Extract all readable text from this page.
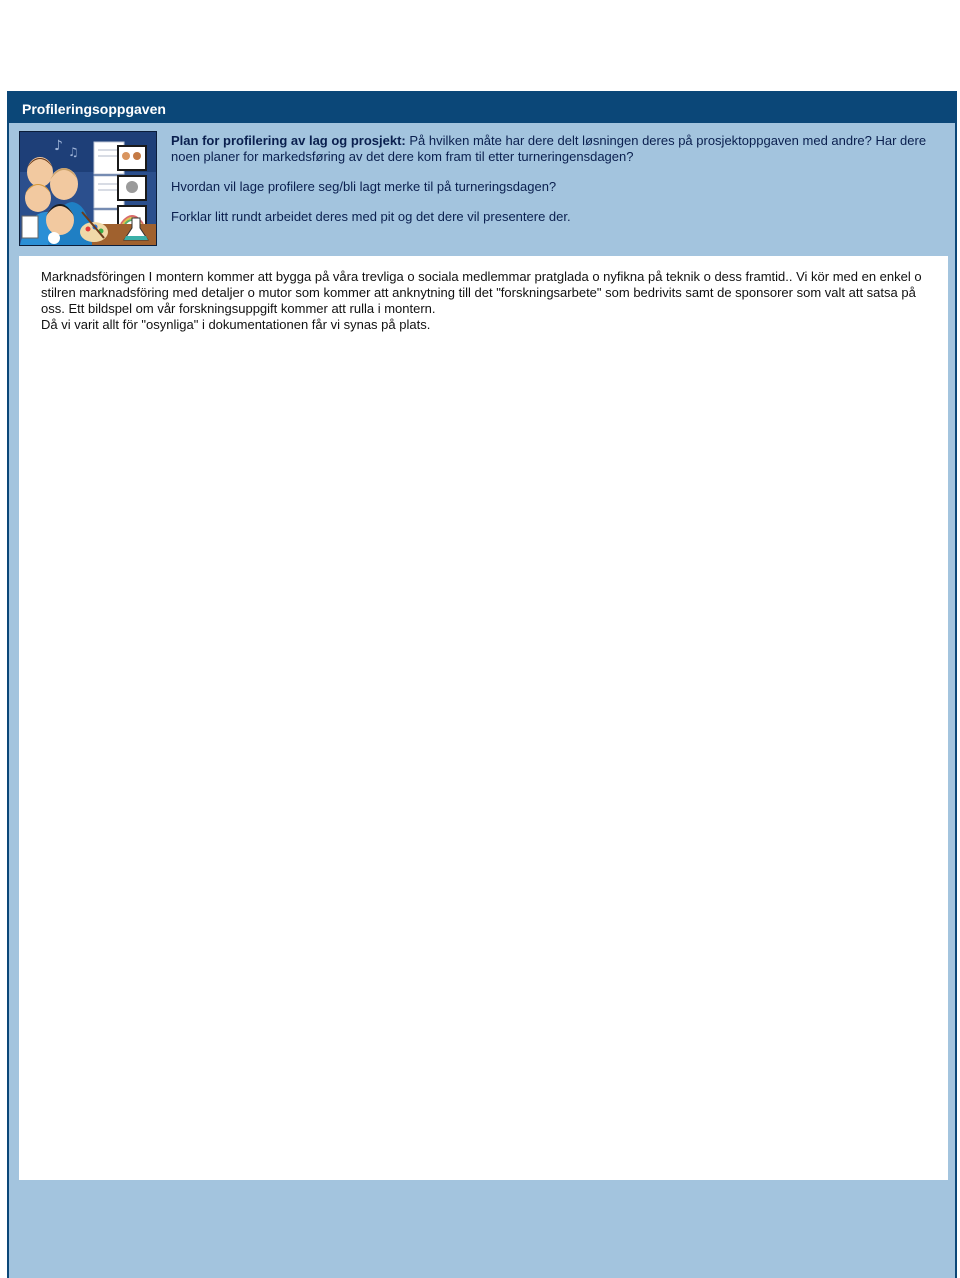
Profileringsoppgaven
♪ ♫

Plan for profilering av lag og prosjekt: På hvilken måte har dere delt løsningen deres på prosjektoppgaven med andre? Har dere noen planer for markedsføring av det dere kom fram til etter turneringensdagen?

Hvordan vil lage profilere seg/bli lagt merke til på turneringsdagen?

Forklar litt rundt arbeidet deres med pit og det dere vil presentere der.

Marknadsföringen I montern kommer att bygga på våra trevliga o sociala medlemmar pratglada o nyfikna på teknik o dess framtid.. Vi kör med en enkel o stilren marknadsföring med detaljer o mutor som kommer att anknytning till det "forskningsarbete" som bedrivits samt de sponsorer som valt att satsa på oss. Ett bildspel om vår forskningsuppgift kommer att rulla i montern.

Då vi varit allt för "osynliga" i dokumentationen får vi synas på plats.
